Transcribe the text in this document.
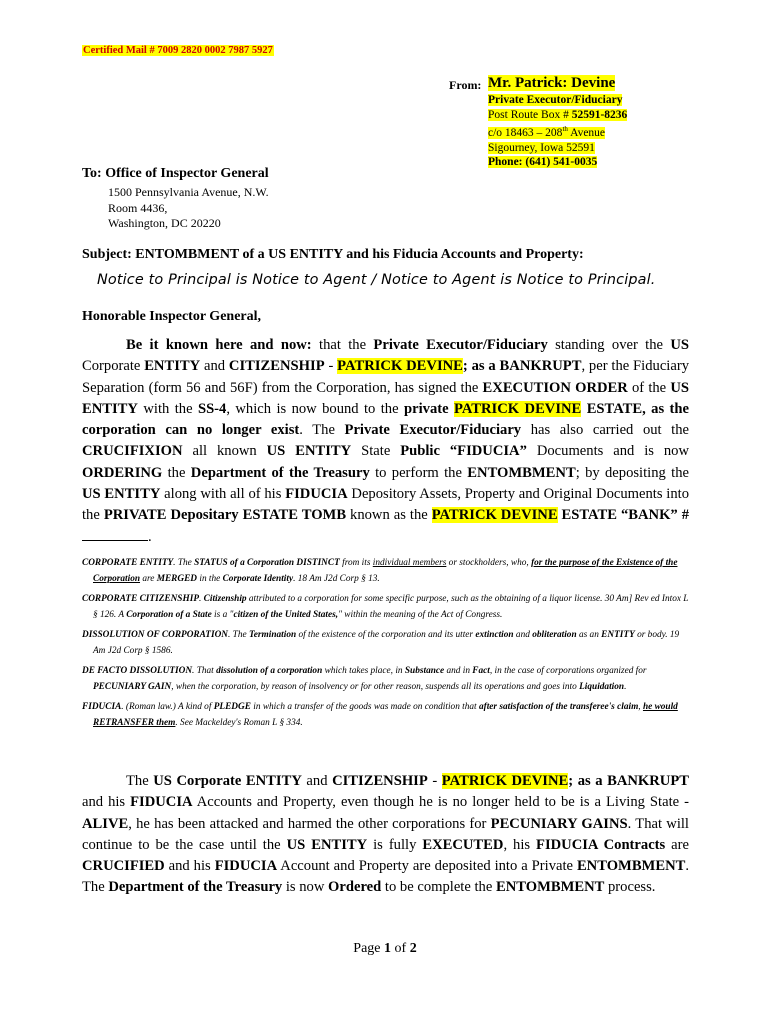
Certified Mail # 7009 2820 0002 7987 5927
From: Mr. Patrick: Devine
Private Executor/Fiduciary
Post Route Box # 52591-8236
c/o 18463 – 208th Avenue
Sigourney, Iowa 52591
Phone: (641) 541-0035
To: Office of Inspector General
1500 Pennsylvania Avenue, N.W.
Room 4436,
Washington, DC 20220
Subject: ENTOMBMENT of a US ENTITY and his Fiducia Accounts and Property:
Notice to Principal is Notice to Agent / Notice to Agent is Notice to Principal.
Honorable Inspector General,
Be it known here and now: that the Private Executor/Fiduciary standing over the US Corporate ENTITY and CITIZENSHIP - PATRICK DEVINE; as a BANKRUPT, per the Fiduciary Separation (form 56 and 56F) from the Corporation, has signed the EXECUTION ORDER of the US ENTITY with the SS-4, which is now bound to the private PATRICK DEVINE ESTATE, as the corporation can no longer exist. The Private Executor/Fiduciary has also carried out the CRUCIFIXION all known US ENTITY State Public “FIDUCIA” Documents and is now ORDERING the Department of the Treasury to perform the ENTOMBMENT; by depositing the US ENTITY along with all of his FIDUCIA Depository Assets, Property and Original Documents into the PRIVATE Depositary ESTATE TOMB known as the PATRICK DEVINE ESTATE “BANK” # .

CORPORATE ENTITY. The STATUS of a Corporation DISTINCT from its individual members or stockholders, who, for the purpose of the Existence of the Corporation are MERGED in the Corporate Identity. 18 Am J2d Corp § 13.

CORPORATE CITIZENSHIP. Citizenship attributed to a corporation for some specific purpose, such as the obtaining of a liquor license. 30 Am] Rev ed Intox L § 126. A Corporation of a State is a "citizen of the United States," within the meaning of the Act of Congress.

DISSOLUTION OF CORPORATION. The Termination of the existence of the corporation and its utter extinction and obliteration as an ENTITY or body. 19 Am J2d Corp § 1586.

DE FACTO DISSOLUTION. That dissolution of a corporation which takes place, in Substance and in Fact, in the case of corporations organized for PECUNIARY GAIN, when the corporation, by reason of insolvency or for other reason, suspends all its operations and goes into Liquidation.

FIDUCIA. (Roman law.) A kind of PLEDGE in which a transfer of the goods was made on condition that after satisfaction of the transferee's claim, he would RETRANSFER them. See Mackeldey's Roman L § 334.

The US Corporate ENTITY and CITIZENSHIP - PATRICK DEVINE; as a BANKRUPT and his FIDUCIA Accounts and Property, even though he is no longer held to be is a Living State - ALIVE, he has been attacked and harmed the other corporations for PECUNIARY GAINS. That will continue to be the case until the US ENTITY is fully EXECUTED, his FIDUCIA Contracts are CRUCIFIED and his FIDUCIA Account and Property are deposited into a Private ENTOMBMENT. The Department of the Treasury is now Ordered to be complete the ENTOMBMENT process.
Page 1 of 2
